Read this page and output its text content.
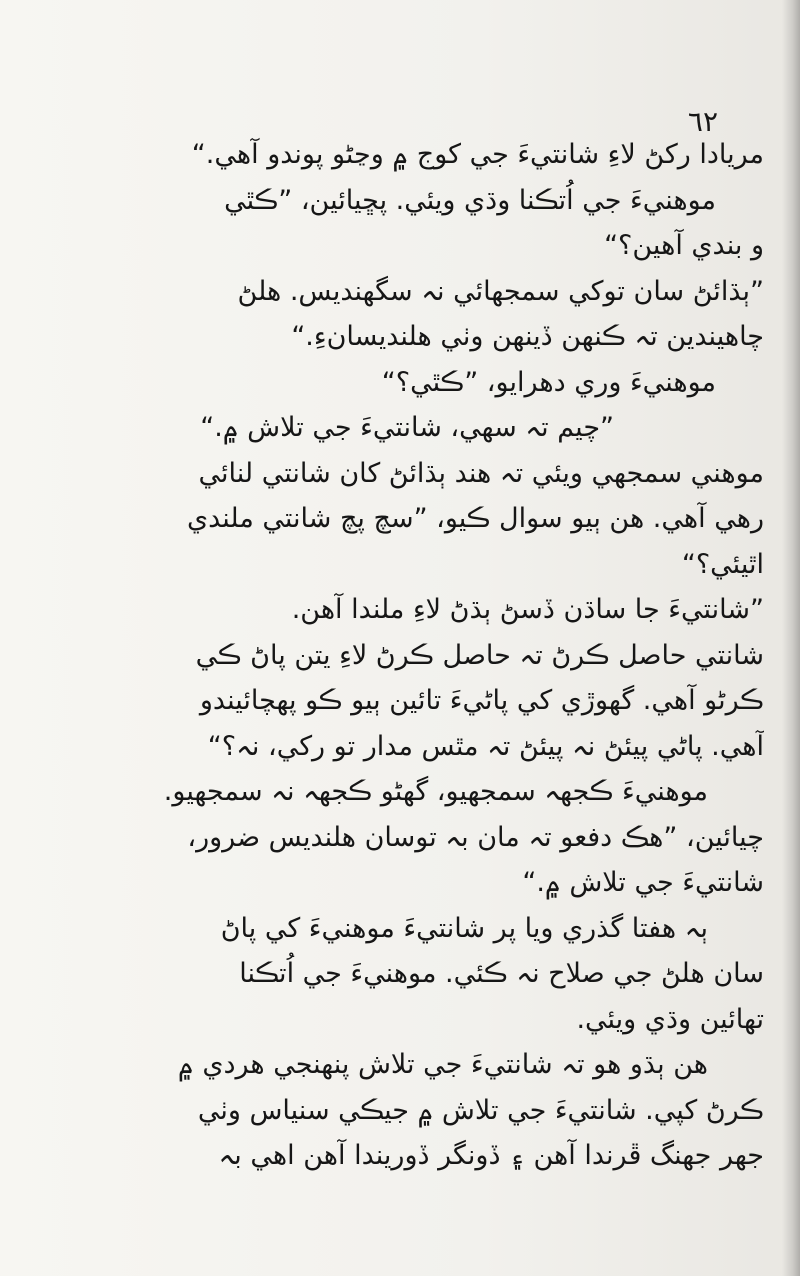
٦٢
مريادا رکڻ لاءِ شانتيءَ جي کوج ۾ وڃڻو پوندو آهي.“
موهنيءَ جي اُتڪنا وڌي ويئي. پڇيائين، ”ڪٿي
و بندي آهين؟“
”ٻڌائڻ سان توکي سمجهائي نہ سگهنديس. هلڻ
چاهيندين تہ ڪنهن ڏينهن وٺي هلنديسانءِ.“
موهنيءَ وري دهرايو، ”ڪٿي؟“
”چيم تہ سهي، شانتيءَ جي تلاش ۾.“
موهني سمجهي ويئي تہ هند ٻڌائڻ کان شانتي لنائي
رهي آهي. هن ٻيو سوال ڪيو، ”سچ پچ شانتي ملندي
اٿيئي؟“
”شانتيءَ جا ساڌن ڏسڻ ٻڌڻ لاءِ ملندا آهن.
شانتي حاصل ڪرڻ تہ حاصل ڪرڻ لاءِ يتن پاڻ ڪي
ڪرڻو آهي. گهوڙي کي پاڻيءَ تائين ٻيو ڪو پهچائيندو
آهي. پاڻي پيئڻ نہ پيئڻ تہ مٿس مدار تو رکي، نہ؟“
موهنيءَ ڪجهہ سمجهيو، گهڻو ڪجهہ نہ سمجهيو.
چيائين، ”هڪ دفعو تہ مان بہ توسان هلنديس ضرور،
شانتيءَ جي تلاش ۾.“
ٻہ هفتا گذري ويا پر شانتيءَ موهنيءَ کي پاڻ
سان هلڻ جي صلاح نہ ڪئي. موهنيءَ جي اُتڪنا
تهائين وڌي ويئي.
هن ٻڌو هو تہ شانتيءَ جي تلاش پنهنجي هردي ۾
ڪرڻ کپي. شانتيءَ جي تلاش ۾ جيڪي سنياس وٺي
جهر جهنگ ڦرندا آهن ۽ ڏونگر ڏوريندا آهن اهي بہ
